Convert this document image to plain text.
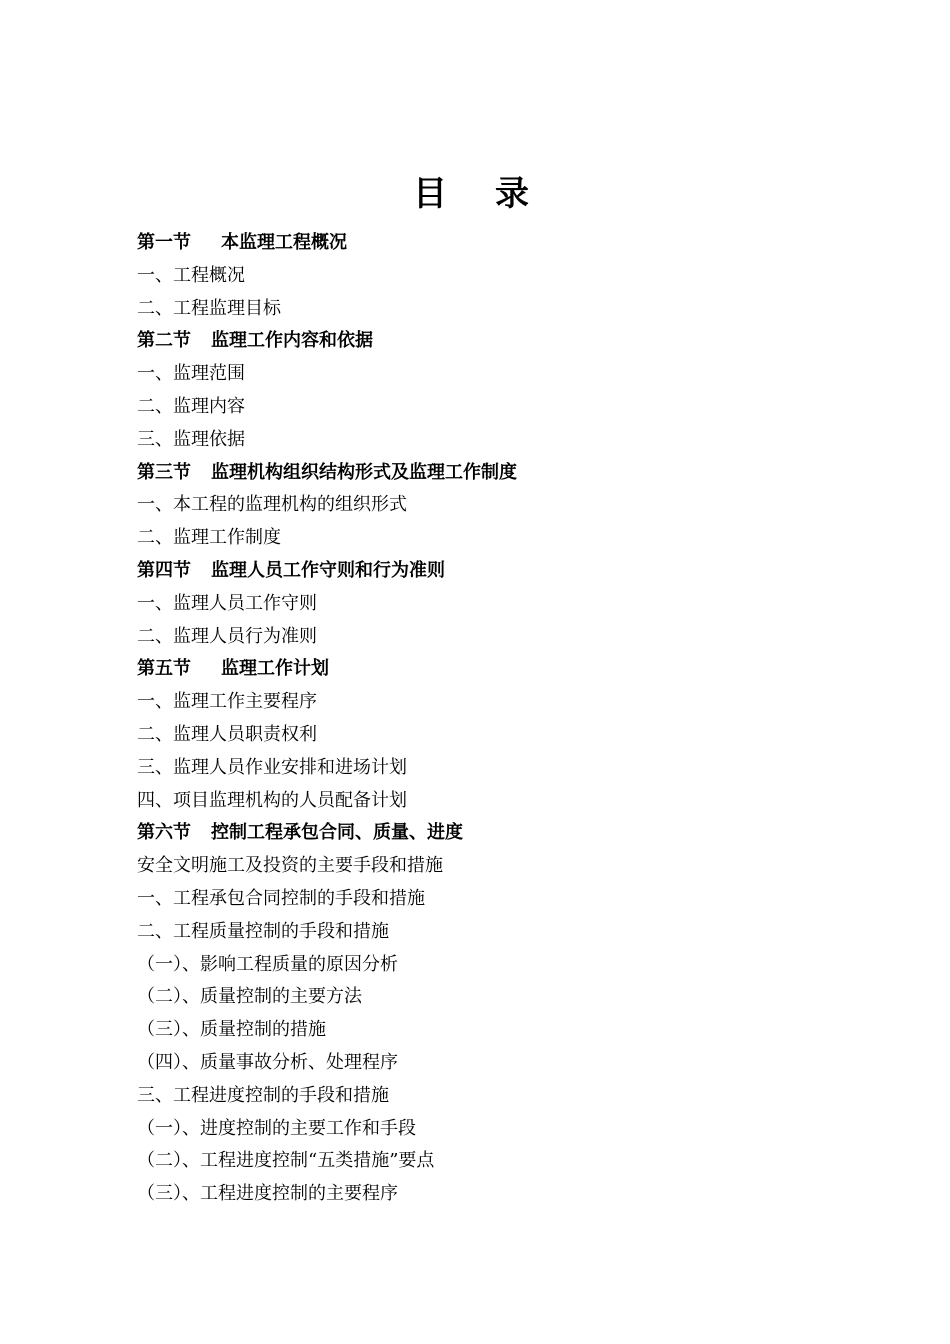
目录
第一节 本监理工程概况
一、工程概况
二、工程监理目标
第二节 监理工作内容和依据
一、监理范围
二、监理内容
三、监理依据
第三节 监理机构组织结构形式及监理工作制度
一、本工程的监理机构的组织形式
二、监理工作制度
第四节 监理人员工作守则和行为准则
一、监理人员工作守则
二、监理人员行为准则
第五节 监理工作计划
一、监理工作主要程序
二、监理人员职责权利
三、监理人员作业安排和进场计划
四、项目监理机构的人员配备计划
第六节 控制工程承包合同、质量、进度
安全文明施工及投资的主要手段和措施
一、工程承包合同控制的手段和措施
二、工程质量控制的手段和措施
（一）、影响工程质量的原因分析
（二）、质量控制的主要方法
（三）、质量控制的措施
（四）、质量事故分析、处理程序
三、工程进度控制的手段和措施
（一）、进度控制的主要工作和手段
（二）、工程进度控制“五类措施”要点
（三）、工程进度控制的主要程序
